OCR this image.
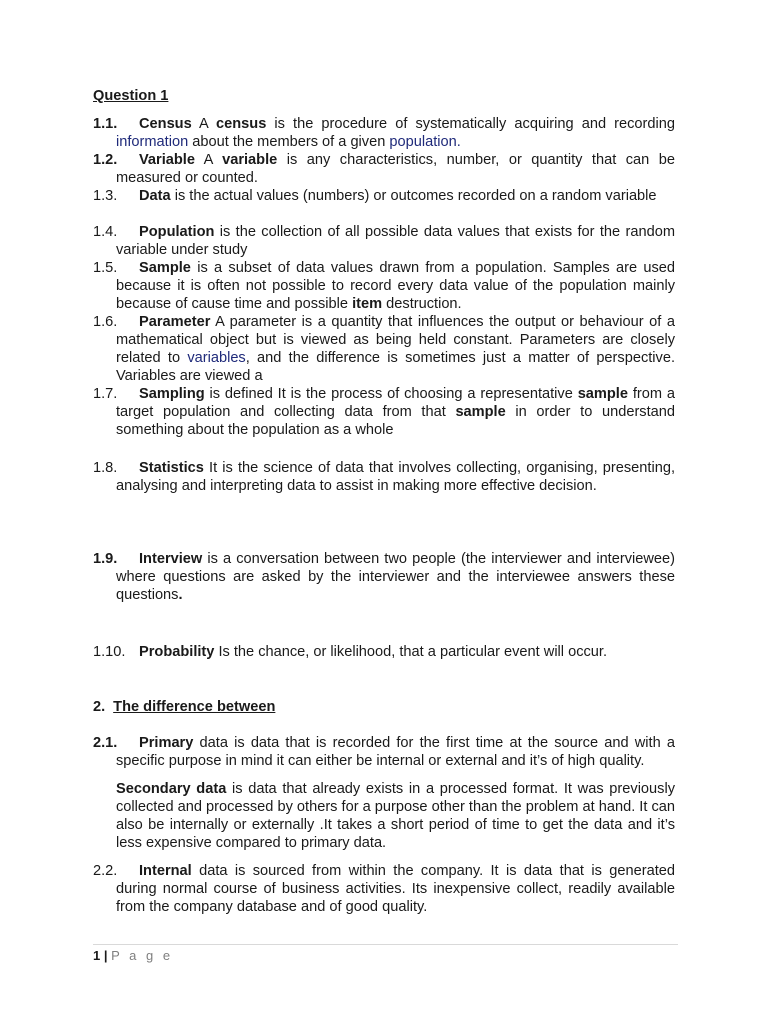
Question 1
1.1.	Census A census is the procedure of systematically acquiring and recording information about the members of a given population.
1.2.	Variable A variable is any characteristics, number, or quantity that can be measured or counted.
1.3.	Data is the actual values (numbers) or outcomes recorded on a random variable
1.4.	Population is the collection of all possible data values that exists for the random variable under study
1.5.	Sample is a subset of data values drawn from a population. Samples are used because it is often not possible to record every data value of the population mainly because of cause time and possible item destruction.
1.6.	Parameter A parameter is a quantity that influences the output or behaviour of a mathematical object but is viewed as being held constant. Parameters are closely related to variables, and the difference is sometimes just a matter of perspective. Variables are viewed a
1.7.	Sampling is defined It is the process of choosing a representative sample from a target population and collecting data from that sample in order to understand something about the population as a whole
1.8.	Statistics It is the science of data that involves collecting, organising, presenting, analysing and interpreting data to assist in making more effective decision.
1.9.	Interview is a conversation between two people (the interviewer and interviewee) where questions are asked by the interviewer and the interviewee answers these questions.
1.10. Probability Is the chance, or likelihood, that a particular event will occur.
2. The difference between
2.1.	Primary data is data that is recorded for the first time at the source and with a specific purpose in mind it can either be internal or external and it’s of high quality.
Secondary data is data that already exists in a processed format. It was previously collected and processed by others for a purpose other than the problem at hand. It can also be internally or externally .It takes a short period of time to get the data and it’s less expensive compared to primary data.
2.2.	Internal data is sourced from within the company. It is data that is generated during normal course of business activities. Its inexpensive collect, readily available from the company database and of good quality.
1 | P a g e
